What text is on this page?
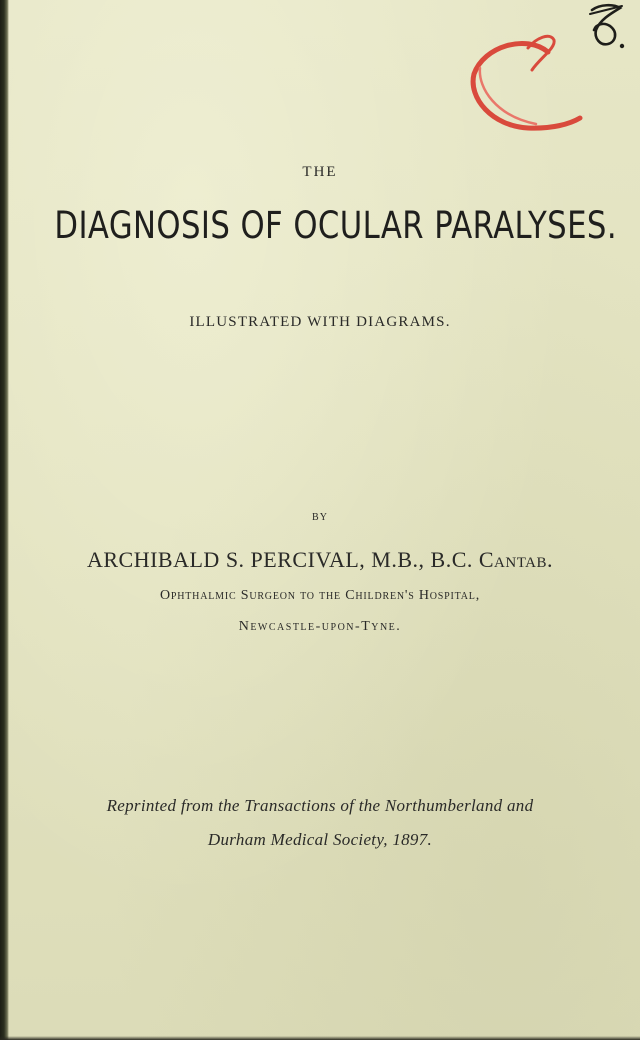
THE
DIAGNOSIS OF OCULAR PARALYSES.
ILLUSTRATED WITH DIAGRAMS.
BY
ARCHIBALD S. PERCIVAL, M.B., B.C. Cantab.
Ophthalmic Surgeon to the Children's Hospital,
Newcastle-upon-Tyne.
Reprinted from the Transactions of the Northumberland and
Durham Medical Society, 1897.
